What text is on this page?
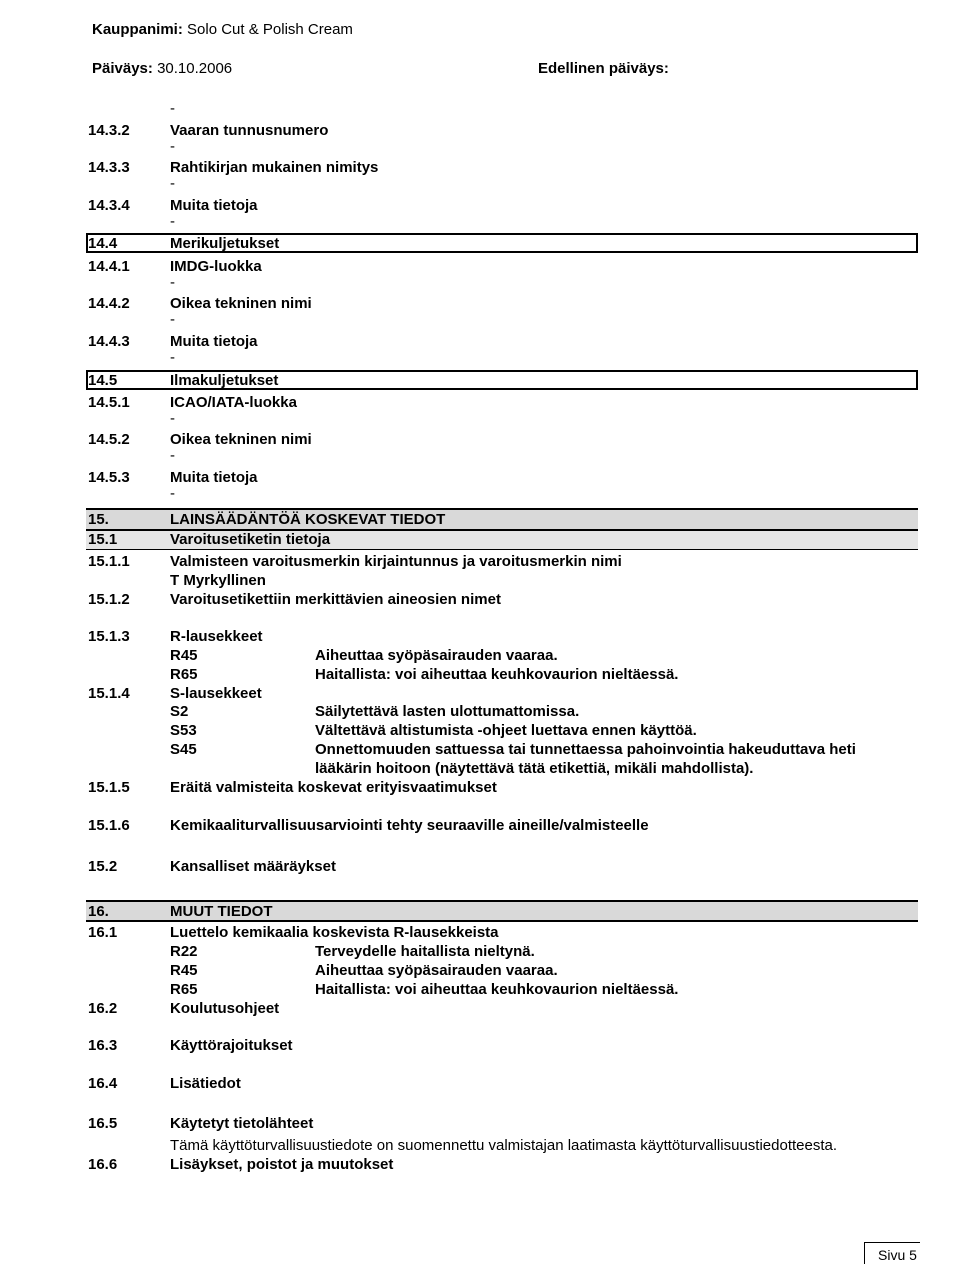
Kauppanimi: Solo Cut & Polish Cream
Päiväys: 30.10.2006	Edellinen päiväys:
-
14.3.2	Vaaran tunnusnumero
-
14.3.3	Rahtikirjan mukainen nimitys
-
14.3.4	Muita tietoja
-
14.4	Merikuljetukset
14.4.1	IMDG-luokka
-
14.4.2	Oikea tekninen nimi
-
14.4.3	Muita tietoja
-
14.5	Ilmakuljetukset
14.5.1	ICAO/IATA-luokka
-
14.5.2	Oikea tekninen nimi
-
14.5.3	Muita tietoja
-
15.	LAINSÄÄDÄNTÖÄ KOSKEVAT TIEDOT
15.1	Varoitusetiketin tietoja
15.1.1	Valmisteen varoitusmerkin kirjaintunnus ja varoitusmerkin nimi
T Myrkyllinen
15.1.2	Varoitusetikettiin merkittävien aineosien nimet
15.1.3	R-lausekkeet
R45	Aiheuttaa syöpäsairauden vaaraa.
R65	Haitallista: voi aiheuttaa keuhkovaurion nieltäessä.
15.1.4	S-lausekkeet
S2	Säilytettävä lasten ulottumattomissa.
S53	Vältettävä altistumista -ohjeet luettava ennen käyttöä.
S45	Onnettomuuden sattuessa tai tunnettaessa pahoinvointia hakeuduttava heti
lääkärin hoitoon (näytettävä tätä etikettiä, mikäli mahdollista).
15.1.5	Eräitä valmisteita koskevat erityisvaatimukset
15.1.6	Kemikaaliturvallisuusarviointi tehty seuraaville aineille/valmisteelle
15.2	Kansalliset määräykset
16.	MUUT TIEDOT
16.1	Luettelo kemikaalia koskevista R-lausekkeista
R22	Terveydelle haitallista nieltynä.
R45	Aiheuttaa syöpäsairauden vaaraa.
R65	Haitallista: voi aiheuttaa keuhkovaurion nieltäessä.
16.2	Koulutusohjeet
16.3	Käyttörajoitukset
16.4	Lisätiedot
16.5	Käytetyt tietolähteet
Tämä käyttöturvallisuustiedote on suomennettu valmistajan laatimasta käyttöturvallisuustiedotteesta.
16.6	Lisäykset, poistot ja muutokset
Sivu 5
